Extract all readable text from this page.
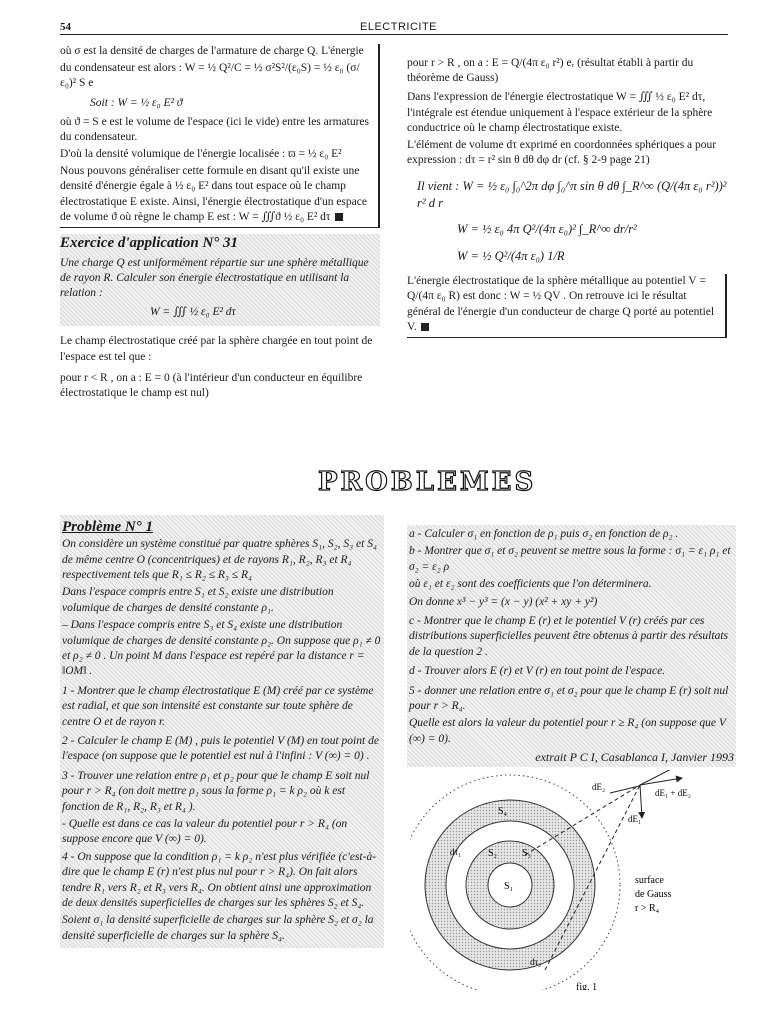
54	ELECTRICITE

où σ est la densité de charges de l'armature de charge Q. L'énergie

du condensateur est alors : W = ½ Q²/C = ½ σ²S²/(ε₀S) = ½ ε₀ (σ/ε₀)² S e

Soit : W = ½ ε₀ E² ϑ

où ϑ = S e est le volume de l'espace (ici le vide) entre les armatures du condensateur.

D'où la densité volumique de l'énergie localisée : ϖ = ½ ε₀ E²

Nous pouvons généraliser cette formule en disant qu'il existe une densité d'énergie égale à ½ ε₀ E² dans tout espace où le champ électrostatique E existe. Ainsi, l'énergie électrostatique d'un espace de volume ϑ où règne le champ E est : W = ∭ϑ ½ ε₀ E² dτ

Exercice d'application N° 31

Une charge Q est uniformément répartie sur une sphère métallique de rayon R. Calculer son énergie électrostatique en utilisant la relation :

W = ∭ ½ ε₀ E² dτ

Le champ électrostatique créé par la sphère chargée en tout point de l'espace est tel que :

pour r < R , on a : E = 0 (à l'intérieur d'un conducteur en équilibre électrostatique le champ est nul)

pour r > R , on a : E = Q/(4π ε₀ r²) eᵣ (résultat établi à partir du théorème de Gauss)

Dans l'expression de l'énergie électrostatique W = ∭ ½ ε₀ E² dτ, l'intégrale est étendue uniquement à l'espace extérieur de la sphère conductrice où le champ électrostatique existe.

L'élément de volume dτ exprimé en coordonnées sphériques a pour expression : dτ = r² sin θ dθ dφ dr (cf. § 2-9 page 21)

Il vient : W = ½ ε₀ ∫₀^2π dφ ∫₀^π sin θ dθ ∫_R^∞ (Q/(4π ε₀ r²))² r² d r

W = ½ ε₀ 4π Q²/(4π ε₀)² ∫_R^∞ dr/r²

W = ½ Q²/(4π ε₀) 1/R

L'énergie électrostatique de la sphère métallique au potentiel V = Q/(4π ε₀ R) est donc : W = ½ QV . On retrouve ici le résultat général de l'énergie d'un conducteur de charge Q porté au potentiel V.

PROBLEMES
Problème N° 1

On considère un système constitué par quatre sphères S₁, S₂, S₃ et S₄ de même centre O (concentriques) et de rayons R₁, R₂, R₃ et R₄ respectivement tels que R₁ ≤ R₂ ≤ R₃ ≤ R₄

Dans l'espace compris entre S₁ et S₂ existe une distribution volumique de charges de densité constante ρ₁.

– Dans l'espace compris entre S₃ et S₄ existe une distribution volumique de charges de densité constante ρ₂. On suppose que ρ₁ ≠ 0 et ρ₂ ≠ 0 . Un point M dans l'espace est repéré par la distance r = ‖OM‖ .

1 - Montrer que le champ électrostatique E (M) créé par ce système est radial, et que son intensité est constante sur toute sphère de centre O et de rayon r.

2 - Calculer le champ E (M) , puis le potentiel V (M) en tout point de l'espace (on suppose que le potentiel est nul à l'infini : V (∞) = 0) .

3 - Trouver une relation entre ρ₁ et ρ₂ pour que le champ E soit nul pour r > R₄ (on doit mettre ρ₁ sous la forme ρ₁ = k ρ₂ où k est fonction de R₁, R₂, R₃ et R₄ ).

- Quelle est dans ce cas la valeur du potentiel pour r > R₄ (on suppose encore que V (∞) = 0).

4 - On suppose que la condition ρ₁ = k ρ₂ n'est plus vérifiée (c'est-à-dire que le champ E (r) n'est plus nul pour r > R₄). On fait alors tendre R₁ vers R₂ et R₃ vers R₄. On obtient ainsi une approximation de deux densités superficielles de charges sur les sphères S₂ et S₄.

Soient σ₁ la densité superficielle de charges sur la sphère S₂ et σ₂ la densité superficielle de charges sur la sphère S₄.

a - Calculer σ₁ en fonction de ρ₁ puis σ₂ en fonction de ρ₂ .

b - Montrer que σ₁ et σ₂ peuvent se mettre sous la forme : σ₁ = ε₁ ρ₁ et σ₂ = ε₂ ρ

où ε₁ et ε₂ sont des coefficients que l'on déterminera.

On donne x³ − y³ = (x − y) (x² + xy + y²)

c - Montrer que le champ E (r) et le potentiel V (r) créés par ces distributions superficielles peuvent être obtenus à partir des résultats de la question 2 .

d - Trouver alors E (r) et V (r) en tout point de l'espace.

5 - donner une relation entre σ₁ et σ₂ pour que le champ E (r) soit nul pour r > R₄.

Quelle est alors la valeur du potentiel pour r ≥ R₄ (on suppose que V (∞) = 0).

extrait P C I, Casablanca I, Janvier 1993
S₄
S₂ S₃
S₁
dτ₁
dτ₂
dE₂
dE₁ + dE₂
dE₁
surface
de Gauss
r > R₄
fig. 1
